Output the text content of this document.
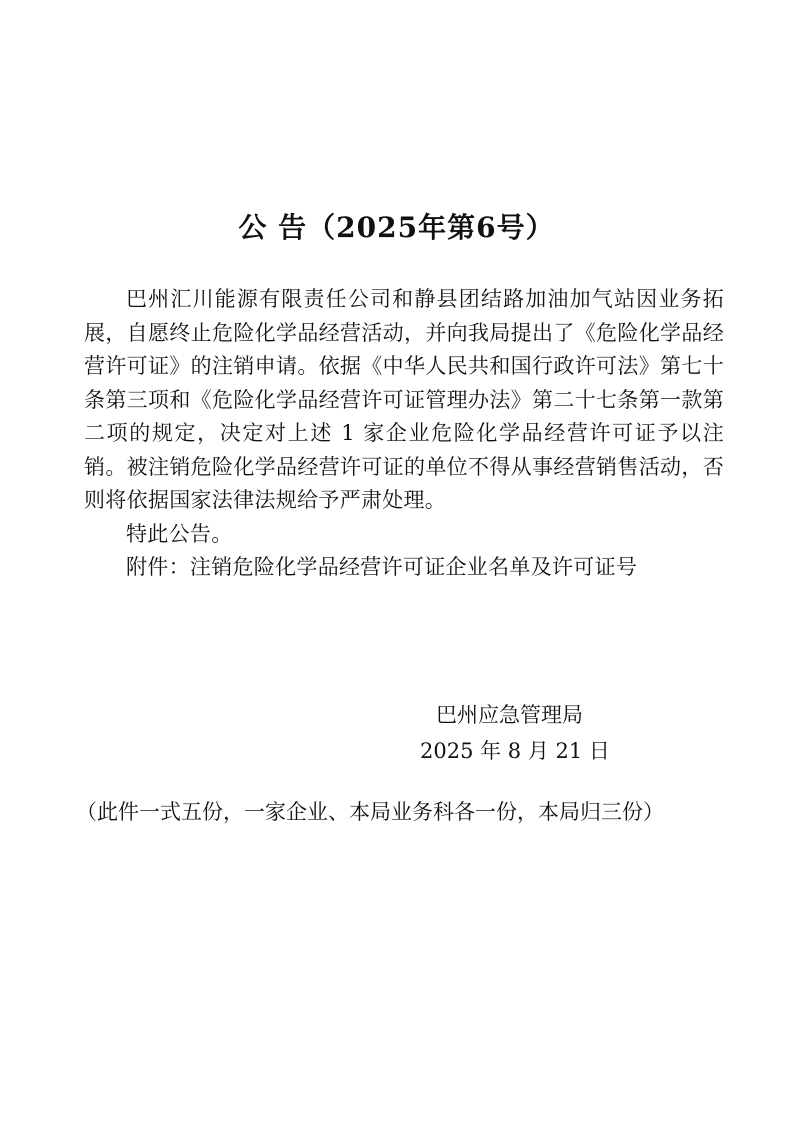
公 告（2025年第6号）

巴州汇川能源有限责任公司和静县团结路加油加气站因业务拓展，自愿终止危险化学品经营活动，并向我局提出了《危险化学品经营许可证》的注销申请。依据《中华人民共和国行政许可法》第七十条第三项和《危险化学品经营许可证管理办法》第二十七条第一款第二项的规定，决定对上述 1 家企业危险化学品经营许可证予以注销。被注销危险化学品经营许可证的单位不得从事经营销售活动，否则将依据国家法律法规给予严肃处理。

特此公告。

附件：注销危险化学品经营许可证企业名单及许可证号

巴州应急管理局
2025 年 8 月 21 日
（此件一式五份，一家企业、本局业务科各一份，本局归三份）
